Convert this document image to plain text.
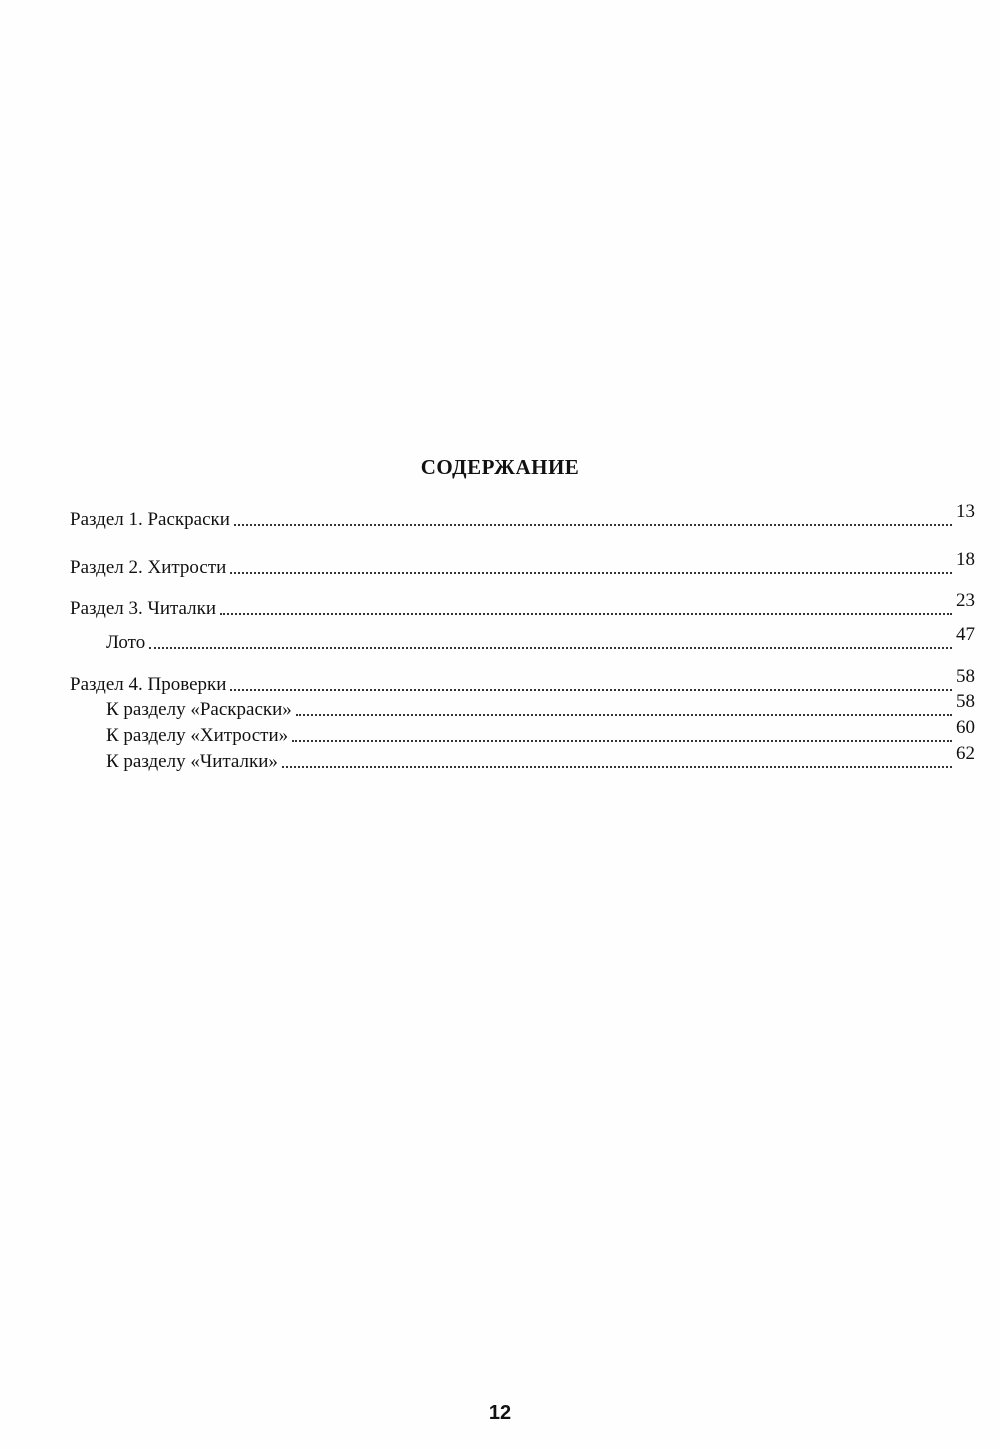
СОДЕРЖАНИЕ
Раздел 1. Раскраски	13
Раздел 2. Хитрости	18
Раздел 3. Читалки	23
Лото	47
Раздел 4. Проверки	58
К разделу «Раскраски»	58
К разделу «Хитрости»	60
К разделу «Читалки»	62
12
